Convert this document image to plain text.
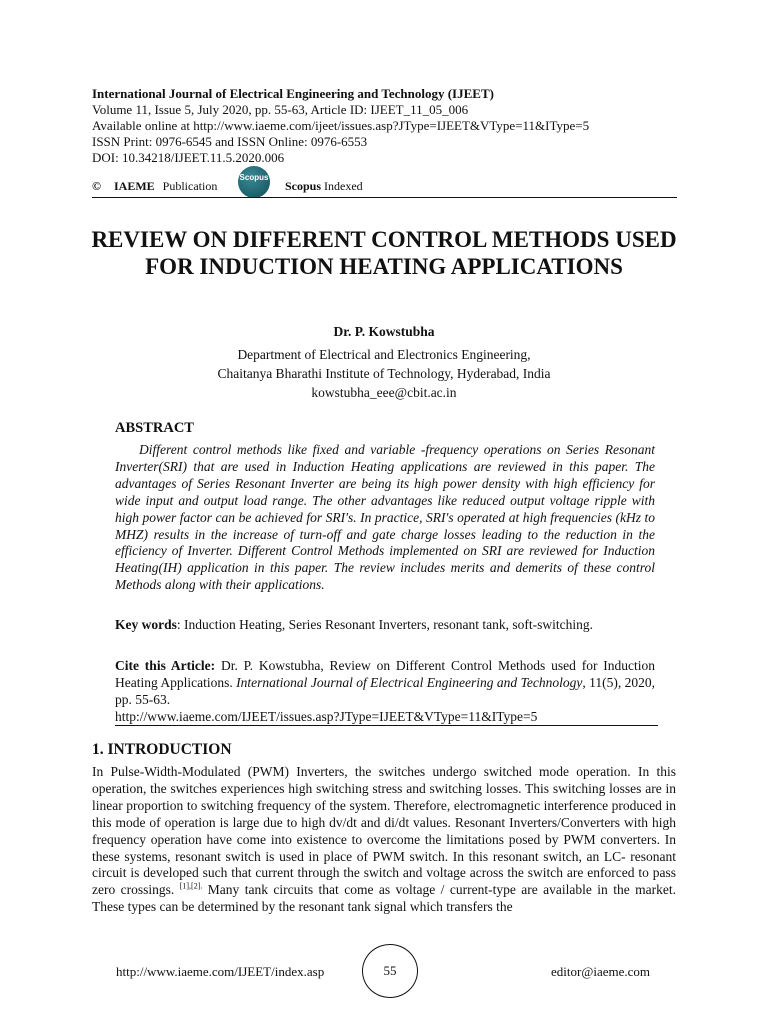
International Journal of Electrical Engineering and Technology (IJEET)
Volume 11, Issue 5, July 2020, pp. 55-63, Article ID: IJEET_11_05_006
Available online at http://www.iaeme.com/ijeet/issues.asp?JType=IJEET&VType=11&IType=5
ISSN Print: 0976-6545 and ISSN Online: 0976-6553
DOI: 10.34218/IJEET.11.5.2020.006
© IAEME Publication
Scopus
Scopus Indexed
REVIEW ON DIFFERENT CONTROL METHODS USED FOR INDUCTION HEATING APPLICATIONS
Dr. P. Kowstubha
Department of Electrical and Electronics Engineering,
Chaitanya Bharathi Institute of Technology, Hyderabad, India
kowstubha_eee@cbit.ac.in
ABSTRACT

Different control methods like fixed and variable -frequency operations on Series Resonant Inverter(SRI) that are used in Induction Heating applications are reviewed in this paper. The advantages of Series Resonant Inverter are being its high power density with high efficiency for wide input and output load range. The other advantages like reduced output voltage ripple with high power factor can be achieved for SRI's. In practice, SRI's operated at high frequencies (kHz to MHZ) results in the increase of turn-off and gate charge losses leading to the reduction in the efficiency of Inverter. Different Control Methods implemented on SRI are reviewed for Induction Heating(IH) application in this paper. The review includes merits and demerits of these control Methods along with their applications.

Key words: Induction Heating, Series Resonant Inverters, resonant tank, soft-switching.

Cite this Article: Dr. P. Kowstubha, Review on Different Control Methods used for Induction Heating Applications. International Journal of Electrical Engineering and Technology, 11(5), 2020, pp. 55-63.
http://www.iaeme.com/IJEET/issues.asp?JType=IJEET&VType=11&IType=5

1. INTRODUCTION

In Pulse-Width-Modulated (PWM) Inverters, the switches undergo switched mode operation. In this operation, the switches experiences high switching stress and switching losses. This switching losses are in linear proportion to switching frequency of the system. Therefore, electromagnetic interference produced in this mode of operation is large due to high dv/dt and di/dt values. Resonant Inverters/Converters with high frequency operation have come into existence to overcome the limitations posed by PWM converters. In these systems, resonant switch is used in place of PWM switch. In this resonant switch, an LC- resonant circuit is developed such that current through the switch and voltage across the switch are enforced to pass zero crossings. $^{[1],[2].}$ Many tank circuits that come as voltage / current-type are available in the market. These types can be determined by the resonant tank signal which transfers the

http://www.iaeme.com/IJEET/index.asp	55	editor@iaeme.com
